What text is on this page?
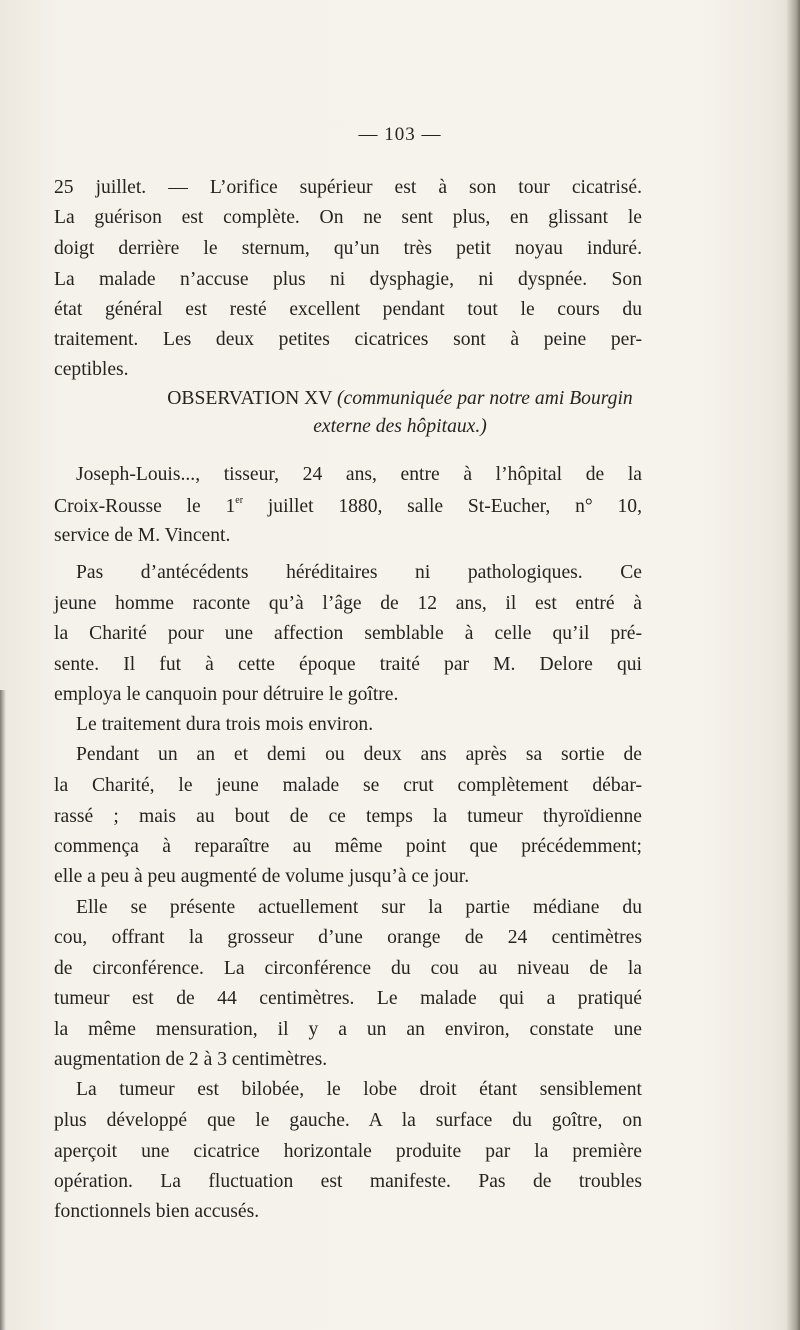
— 103 —
25 juillet. — L’orifice supérieur est à son tour cicatrisé.
La guérison est complète. On ne sent plus, en glissant le
doigt derrière le sternum, qu’un très petit noyau induré.
La malade n’accuse plus ni dysphagie, ni dyspnée. Son
état général est resté excellent pendant tout le cours du
traitement. Les deux petites cicatrices sont à peine per-
ceptibles.
OBSERVATION XV (communiquée par notre ami Bourgin
externe des hôpitaux.)
Joseph-Louis..., tisseur, 24 ans, entre à l’hôpital de la
Croix-Rousse le 1er juillet 1880, salle St-Eucher, n° 10,
service de M. Vincent.
Pas d’antécédents héréditaires ni pathologiques. Ce
jeune homme raconte qu’à l’âge de 12 ans, il est entré à
la Charité pour une affection semblable à celle qu’il pré-
sente. Il fut à cette époque traité par M. Delore qui
employa le canquoin pour détruire le goître.
Le traitement dura trois mois environ.
Pendant un an et demi ou deux ans après sa sortie de
la Charité, le jeune malade se crut complètement débar-
rassé ; mais au bout de ce temps la tumeur thyroïdienne
commença à reparaître au même point que précédemment;
elle a peu à peu augmenté de volume jusqu’à ce jour.
Elle se présente actuellement sur la partie médiane du
cou, offrant la grosseur d’une orange de 24 centimètres
de circonférence. La circonférence du cou au niveau de la
tumeur est de 44 centimètres. Le malade qui a pratiqué
la même mensuration, il y a un an environ, constate une
augmentation de 2 à 3 centimètres.
La tumeur est bilobée, le lobe droit étant sensiblement
plus développé que le gauche. A la surface du goître, on
aperçoit une cicatrice horizontale produite par la première
opération. La fluctuation est manifeste. Pas de troubles
fonctionnels bien accusés.
